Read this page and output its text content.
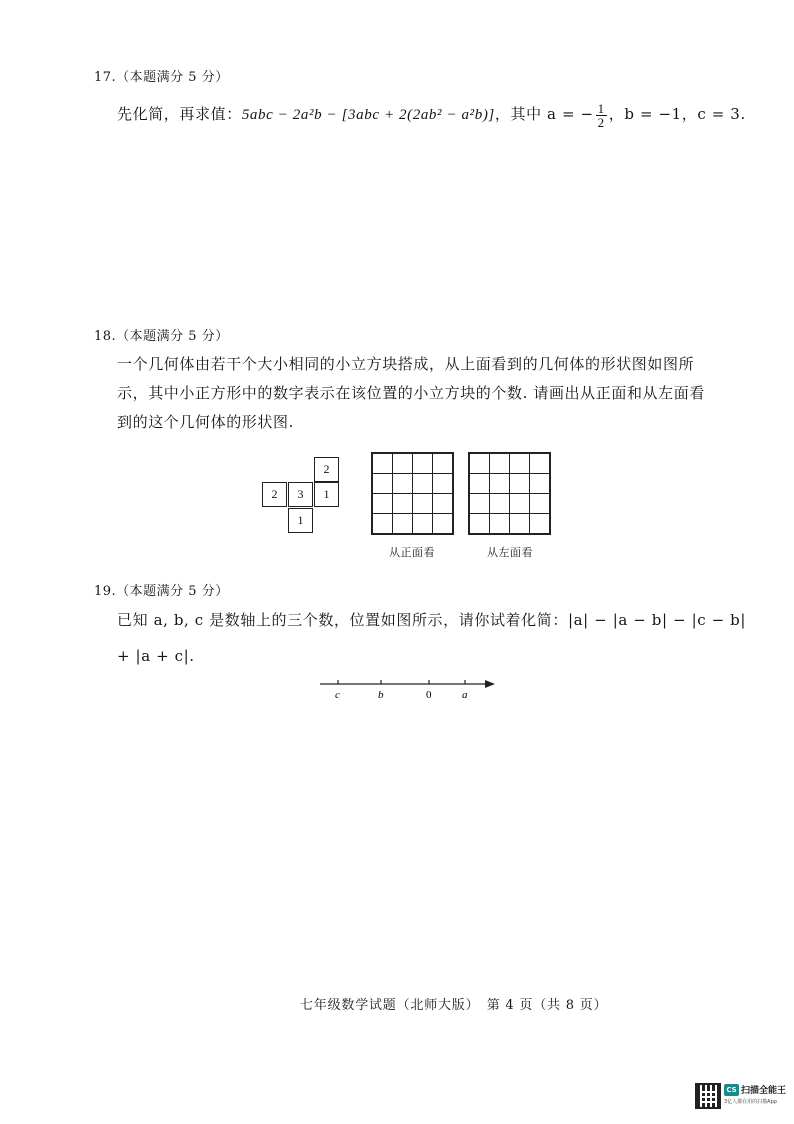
17.（本题满分 5 分）
先化简，再求值：5abc − 2a²b − [3abc + 2(2ab² − a²b)]，其中 a = − $\frac{1}{2}$ ，b = −1，c = 3.
18.（本题满分 5 分）
一个几何体由若干个大小相同的小立方块搭成，从上面看到的几何体的形状图如图所
示，其中小正方形中的数字表示在该位置的小立方块的个数. 请画出从正面和从左面看
到的这个几何体的形状图.
2
2	3	1
1

从正面看	从左面看
19.（本题满分 5 分）
已知 a, b, c 是数轴上的三个数，位置如图所示，请你试着化简：|a| − |a − b| − |c − b|
+ |a + c|.
c	b	0	a
七年级数学试题（北师大版）　第 4 页（共 8 页）
CS 扫描全能王
3亿人都在用的扫描App
